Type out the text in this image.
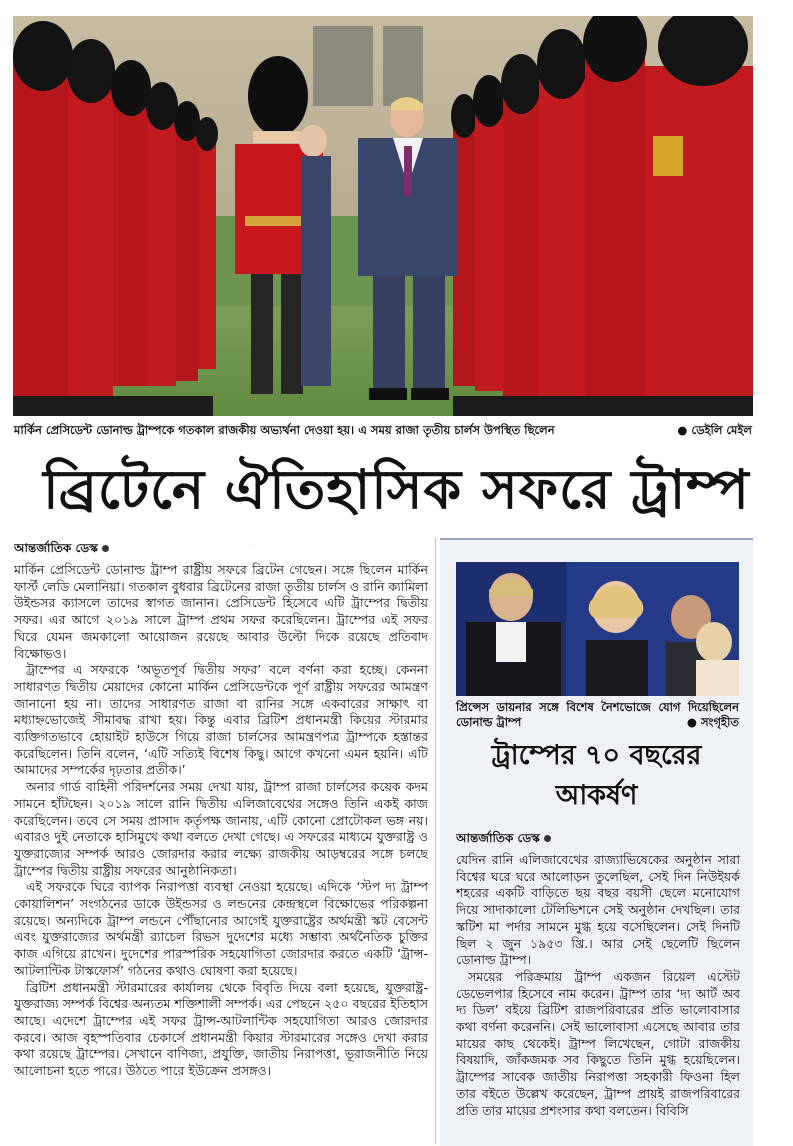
মার্কিন প্রেসিডেন্ট ডোনাল্ড ট্রাম্পকে গতকাল রাজকীয় অভ্যর্থনা দেওয়া হয়। এ সময় রাজা তৃতীয় চার্লস উপস্থিত ছিলেন	● ডেইলি মেইল
ব্রিটেনে ঐতিহাসিক সফরে ট্রাম্প
·
আন্তর্জাতিক ডেস্ক

মার্কিন প্রেসিডেন্ট ডোনাল্ড ট্রাম্প রাষ্ট্রীয় সফরে ব্রিটেন গেছেন। সঙ্গে ছিলেন মার্কিন ফার্স্ট লেডি মেলানিয়া। গতকাল বুধবার ব্রিটেনের রাজা তৃতীয় চার্লস ও রানি ক্যামিলা উইন্ডসর ক্যাসলে তাদের স্বাগত জানান। প্রেসিডেন্ট হিসেবে এটি ট্রাম্পের দ্বিতীয় সফর। এর আগে ২০১৯ সালে ট্রাম্প প্রথম সফর করেছিলেন। ট্রাম্পের এই সফর ঘিরে যেমন জমকালো আয়োজন রয়েছে আবার উল্টো দিকে রয়েছে প্রতিবাদ বিক্ষোভও।

ট্রাম্পের এ সফরকে ‘অভূতপূর্ব দ্বিতীয় সফর’ বলে বর্ণনা করা হচ্ছে। কেননা সাধারণত দ্বিতীয় মেয়াদের কোনো মার্কিন প্রেসিডেন্টকে পূর্ণ রাষ্ট্রীয় সফরের আমন্ত্রণ জানানো হয় না। তাদের সাধারণত রাজা বা রানির সঙ্গে একবারের সাক্ষাৎ বা মধ্যাহ্নভোজেই সীমাবদ্ধ রাখা হয়। কিন্তু এবার ব্রিটিশ প্রধানমন্ত্রী কিয়ের স্টারমার ব্যক্তিগতভাবে হোয়াইট হাউসে গিয়ে রাজা চার্লসের আমন্ত্রণপত্র ট্রাম্পকে হস্তান্তর করেছিলেন। তিনি বলেন, ‘এটি সত্যিই বিশেষ কিছু। আগে কখনো এমন হয়নি। এটি আমাদের সম্পর্কের দৃঢ়তার প্রতীক।’

অনার গার্ড বাহিনী পরিদর্শনের সময় দেখা যায়, ট্রাম্প রাজা চার্লসের কয়েক কদম সামনে হাঁটছেন। ২০১৯ সালে রানি দ্বিতীয় এলিজাবেথের সঙ্গেও তিনি একই কাজ করেছিলেন। তবে সে সময় প্রাসাদ কর্তৃপক্ষ জানায়, এটি কোনো প্রোটোকল ভঙ্গ নয়। এবারও দুই নেতাকে হাসিমুখে কথা বলতে দেখা গেছে। এ সফরের মাধ্যমে যুক্তরাষ্ট্র ও যুক্তরাজ্যের সম্পর্ক আরও জোরদার করার লক্ষ্যে রাজকীয় আড়ম্বরের সঙ্গে চলছে ট্রাম্পের দ্বিতীয় রাষ্ট্রীয় সফরের আনুষ্ঠানিকতা।

এই সফরকে ঘিরে ব্যাপক নিরাপত্তা ব্যবস্থা নেওয়া হয়েছে। এদিকে ‘স্টপ দ্য ট্রাম্প কোয়ালিশন’ সংগঠনের ডাকে উইন্ডসর ও লন্ডনের কেন্দ্রস্থলে বিক্ষোভের পরিকল্পনা রয়েছে। অন্যদিকে ট্রাম্প লন্ডনে পৌঁছানোর আগেই যুক্তরাষ্ট্রের অর্থমন্ত্রী স্কট বেসেন্ট এবং যুক্তরাজ্যের অর্থমন্ত্রী র‍্যাচেল রিভস দুদেশের মধ্যে সম্ভাব্য অর্থনৈতিক চুক্তির কাজ এগিয়ে রাখেন। দুদেশের পারস্পরিক সহযোগিতা জোরদার করতে একটি ‘ট্রান্স-আটলান্টিক টাস্কফোর্স’ গঠনের কথাও ঘোষণা করা হয়েছে।

ব্রিটিশ প্রধানমন্ত্রী স্টারমারের কার্যালয় থেকে বিবৃতি দিয়ে বলা হয়েছে, যুক্তরাষ্ট্র-যুক্তরাজ্য সম্পর্ক বিশ্বের অন্যতম শক্তিশালী সম্পর্ক। এর পেছনে ২৫০ বছরের ইতিহাস আছে। এদেশে ট্রাম্পের এই সফর ট্রান্স-আটলান্টিক সহযোগিতা আরও জোরদার করবে। আজ বৃহস্পতিবার চেকার্সে প্রধানমন্ত্রী কিয়ার স্টারমারের সঙ্গেও দেখা করার কথা রয়েছে ট্রাম্পের। সেখানে বাণিজ্য, প্রযুক্তি, জাতীয় নিরাপত্তা, ভূরাজনীতি নিয়ে আলোচনা হতে পারে। উঠতে পারে ইউক্রেন প্রসঙ্গও।

প্রিন্সেস ডায়নার সঙ্গে বিশেষ নৈশভোজে যোগ দিয়েছিলেন ডোনাল্ড ট্রাম্প	● সংগৃহীত
ট্রাম্পের ৭০ বছরের আকর্ষণ
আন্তর্জাতিক ডেস্ক

যেদিন রানি এলিজাবেথের রাজ্যাভিষেকের অনুষ্ঠান সারা বিশ্বের ঘরে ঘরে আলোড়ন তুলেছিল, সেই দিন নিউইয়র্ক শহরের একটি বাড়িতে ছয় বছর বয়সী ছেলে মনোযোগ দিয়ে সাদাকালো টেলিভিশনে সেই অনুষ্ঠান দেখছিল। তার স্কটিশ মা পর্দার সামনে মুগ্ধ হয়ে বসেছিলেন। সেই দিনটি ছিল ২ জুন ১৯৫৩ খ্রি.। আর সেই ছেলেটি ছিলেন ডোনাল্ড ট্রাম্প।

সময়ের পরিক্রমায় ট্রাম্প একজন রিয়েল এস্টেট ডেভেলপার হিসেবে নাম করেন। ট্রাম্প তার ‘দ্য আর্ট অব দ্য ডিল’ বইয়ে ব্রিটিশ রাজপরিবারের প্রতি ভালোবাসার কথা বর্ণনা করেননি। সেই ভালোবাসা এসেছে আবার তার মায়ের কাছ থেকেই। ট্রাম্প লিখেছেন, গোটা রাজকীয় বিষয়াদি, জাঁকজমক সব কিছুতে তিনি মুগ্ধ হয়েছিলেন। ট্রাম্পের সাবেক জাতীয় নিরাপত্তা সহকারী ফিওনা হিল তার বইতে উল্লেখ করেছেন, ট্রাম্প প্রায়ই রাজপরিবারের প্রতি তার মায়ের প্রশংসার কথা বলতেন। বিবিসি
